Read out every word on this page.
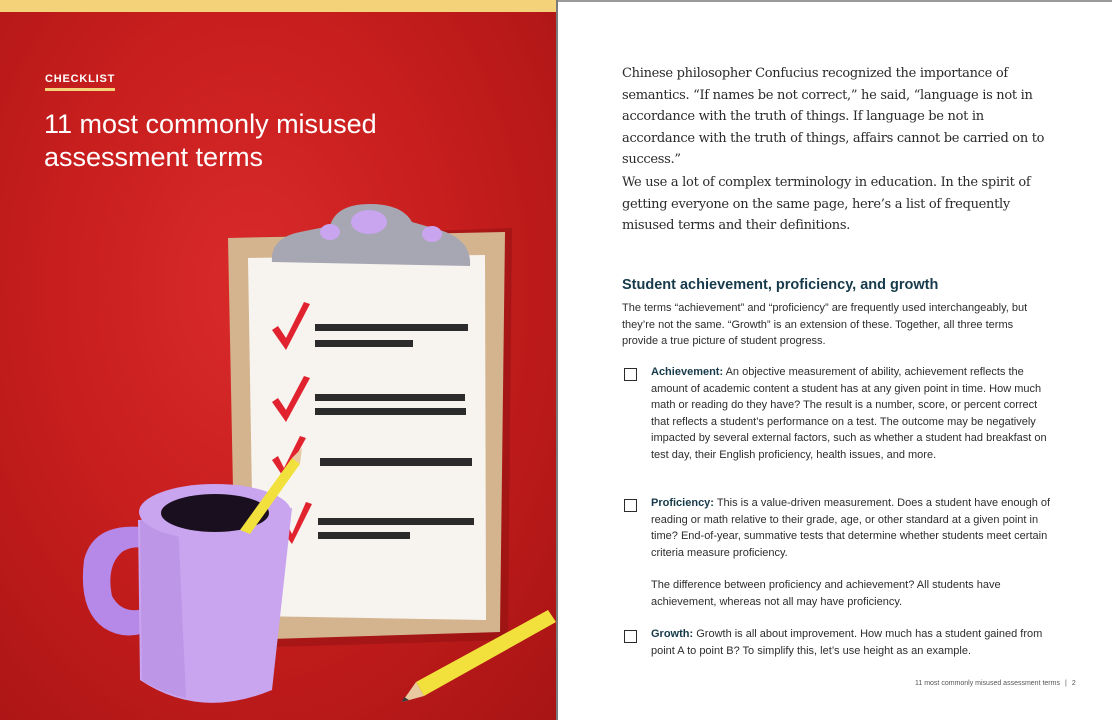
CHECKLIST
11 most commonly misused assessment terms

Chinese philosopher Confucius recognized the importance of semantics. “If names be not correct,” he said, “language is not in accordance with the truth of things. If language be not in accordance with the truth of things, affairs cannot be carried on to success.”

We use a lot of complex terminology in education. In the spirit of getting everyone on the same page, here’s a list of frequently misused terms and their definitions.

Student achievement, proficiency, and growth

The terms “achievement” and “proficiency” are frequently used interchangeably, but they’re not the same. “Growth” is an extension of these. Together, all three terms provide a true picture of student progress.

Achievement: An objective measurement of ability, achievement reflects the amount of academic content a student has at any given point in time. How much math or reading do they have? The result is a number, score, or percent correct that reflects a student’s performance on a test. The outcome may be negatively impacted by several external factors, such as whether a student had breakfast on test day, their English proficiency, health issues, and more.

Proficiency: This is a value-driven measurement. Does a student have enough of reading or math relative to their grade, age, or other standard at a given point in time? End-of-year, summative tests that determine whether students meet certain criteria measure proficiency.

The difference between proficiency and achievement? All students have achievement, whereas not all may have proficiency.

Growth: Growth is all about improvement. How much has a student gained from point A to point B? To simplify this, let’s use height as an example.

11 most commonly misused assessment terms | 2
